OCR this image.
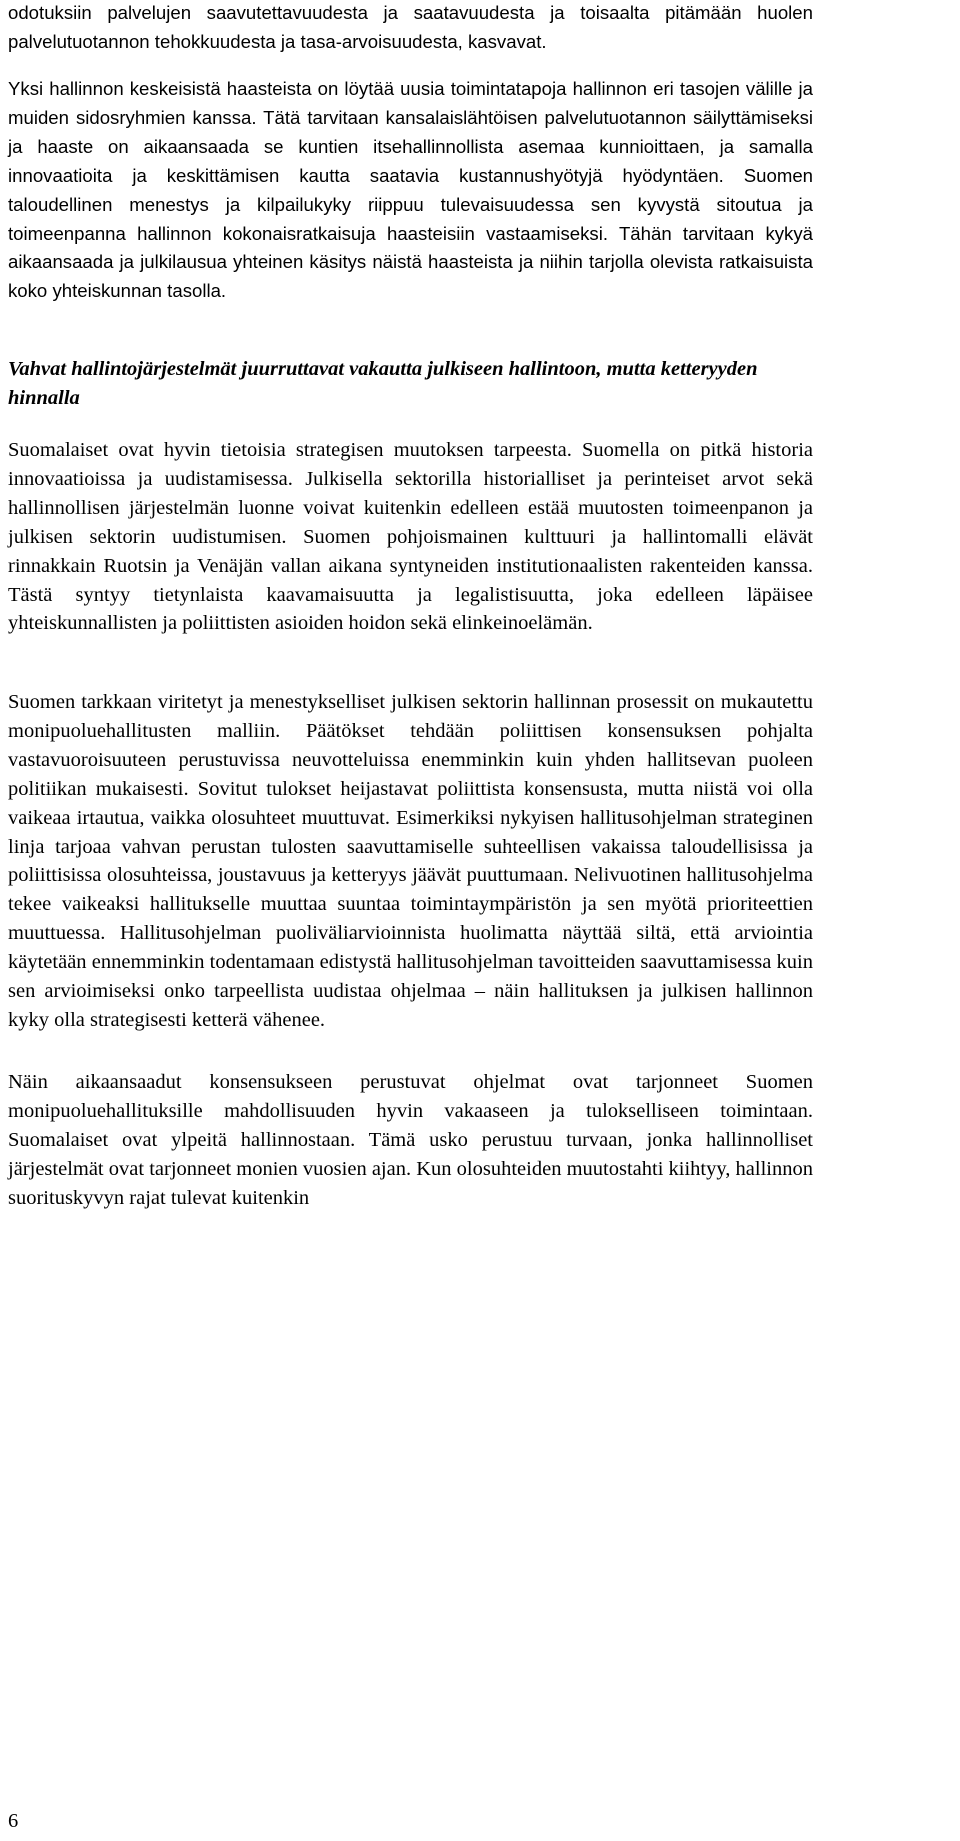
odotuksiin palvelujen saavutettavuudesta ja saatavuudesta ja toisaalta pitämään huolen palvelutuotannon tehokkuudesta ja tasa-arvoisuudesta, kasvavat.

Yksi hallinnon keskeisistä haasteista on löytää uusia toimintatapoja hallinnon eri tasojen välille ja muiden sidosryhmien kanssa. Tätä tarvitaan kansalaislähtöisen palvelutuotannon säilyttämiseksi ja haaste on aikaansaada se kuntien itsehallinnollista asemaa kunnioittaen, ja samalla innovaatioita ja keskittämisen kautta saatavia kustannushyötyjä hyödyntäen. Suomen taloudellinen menestys ja kilpailukyky riippuu tulevaisuudessa sen kyvystä sitoutua ja toimeenpanna hallinnon kokonaisratkaisuja haasteisiin vastaamiseksi. Tähän tarvitaan kykyä aikaansaada ja julkilausua yhteinen käsitys näistä haasteista ja niihin tarjolla olevista ratkaisuista koko yhteiskunnan tasolla.

Vahvat hallintojärjestelmät juurruttavat vakautta julkiseen hallintoon, mutta ketteryyden hinnalla

Suomalaiset ovat hyvin tietoisia strategisen muutoksen tarpeesta. Suomella on pitkä historia innovaatioissa ja uudistamisessa. Julkisella sektorilla historialliset ja perinteiset arvot sekä hallinnollisen järjestelmän luonne voivat kuitenkin edelleen estää muutosten toimeenpanon ja julkisen sektorin uudistumisen. Suomen pohjoismainen kulttuuri ja hallintomalli elävät rinnakkain Ruotsin ja Venäjän vallan aikana syntyneiden institutionaalisten rakenteiden kanssa. Tästä syntyy tietynlaista kaavamaisuutta ja legalistisuutta, joka edelleen läpäisee yhteiskunnallisten ja poliittisten asioiden hoidon sekä elinkeinoelämän.

Suomen tarkkaan viritetyt ja menestykselliset julkisen sektorin hallinnan prosessit on mukautettu monipuoluehallitusten malliin. Päätökset tehdään poliittisen konsensuksen pohjalta vastavuoroisuuteen perustuvissa neuvotteluissa enemminkin kuin yhden hallitsevan puoleen politiikan mukaisesti. Sovitut tulokset heijastavat poliittista konsensusta, mutta niistä voi olla vaikeaa irtautua, vaikka olosuhteet muuttuvat. Esimerkiksi nykyisen hallitusohjelman strateginen linja tarjoaa vahvan perustan tulosten saavuttamiselle suhteellisen vakaissa taloudellisissa ja poliittisissa olosuhteissa, joustavuus ja ketteryys jäävät puuttumaan. Nelivuotinen hallitusohjelma tekee vaikeaksi hallitukselle muuttaa suuntaa toimintaympäristön ja sen myötä prioriteettien muuttuessa. Hallitusohjelman puoliväliarvioinnista huolimatta näyttää siltä, että arviointia käytetään ennemminkin todentamaan edistystä hallitusohjelman tavoitteiden saavuttamisessa kuin sen arvioimiseksi onko tarpeellista uudistaa ohjelmaa – näin hallituksen ja julkisen hallinnon kyky olla strategisesti ketterä vähenee.

Näin aikaansaadut konsensukseen perustuvat ohjelmat ovat tarjonneet Suomen monipuoluehallituksille mahdollisuuden hyvin vakaaseen ja tulokselliseen toimintaan. Suomalaiset ovat ylpeitä hallinnostaan. Tämä usko perustuu turvaan, jonka hallinnolliset järjestelmät ovat tarjonneet monien vuosien ajan. Kun olosuhteiden muutostahti kiihtyy, hallinnon suorituskyvyn rajat tulevat kuitenkin

6
